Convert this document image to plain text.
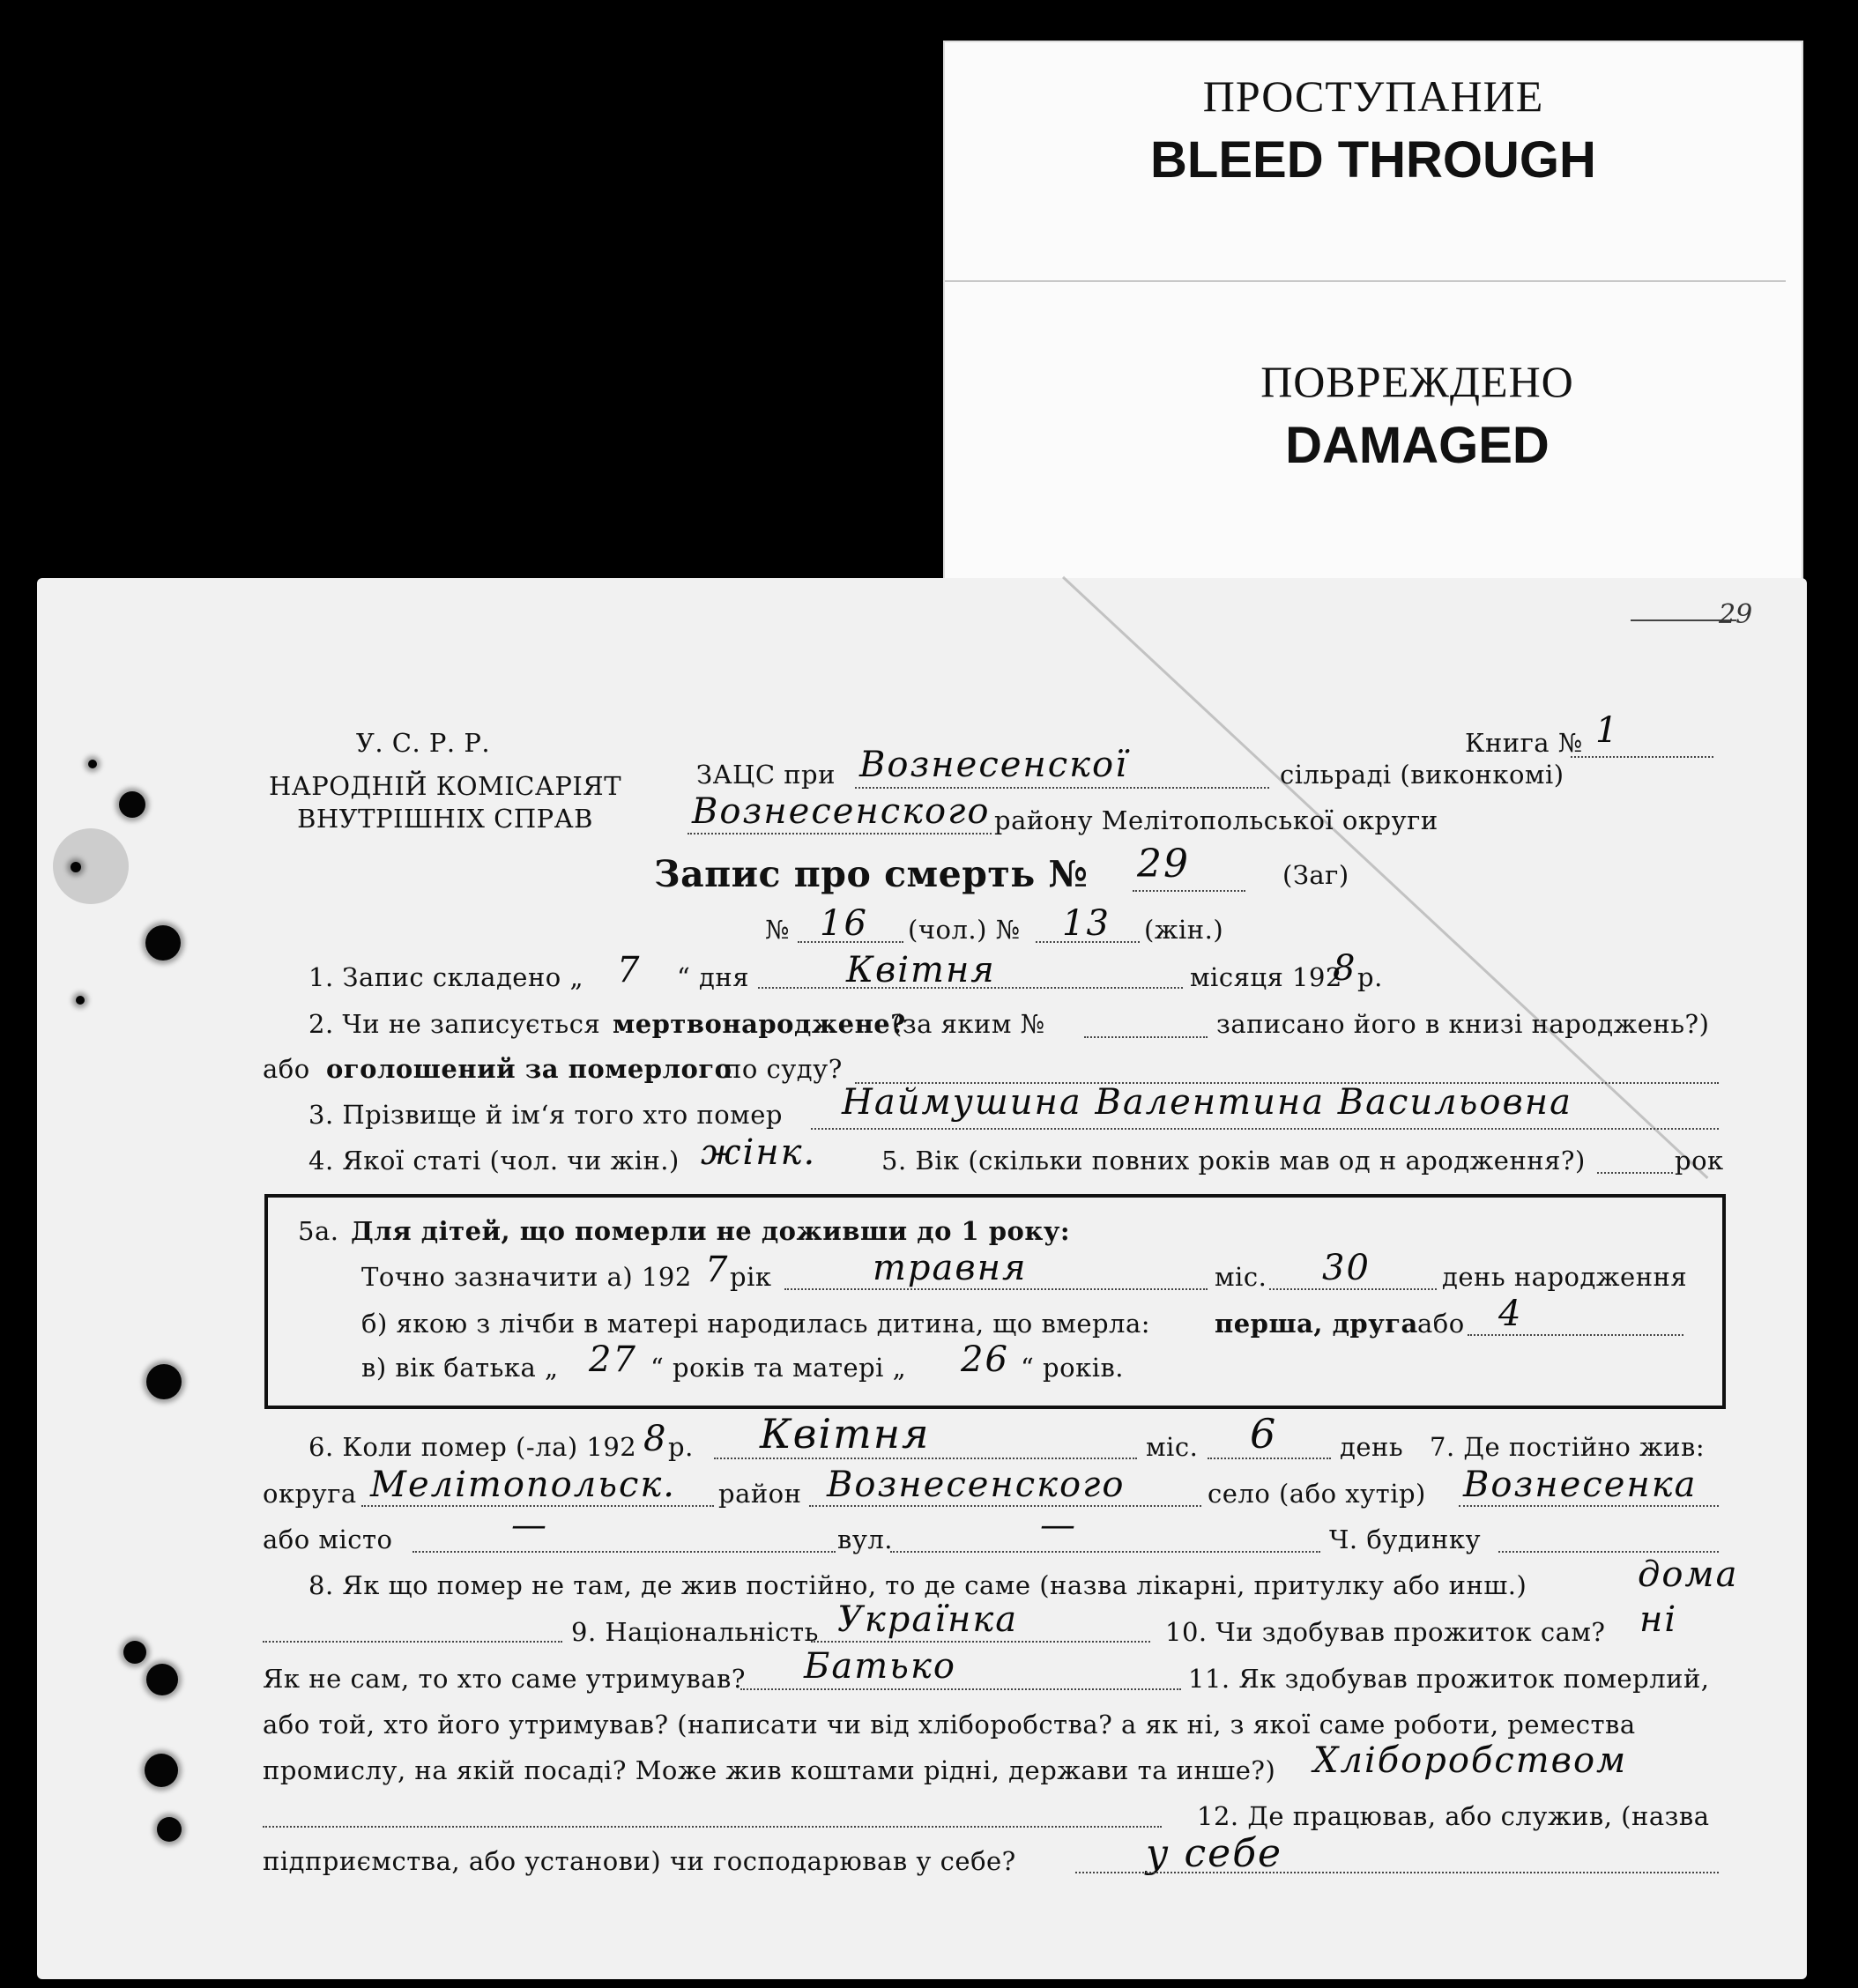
ПРОСТУПАНИЕ
BLEED THROUGH
ПОВРЕЖДЕНО
DAMAGED
29
У. С. Р. Р.
НАРОДНІЙ КОМІСАРІЯТ
ВНУТРІШНІХ СПРАВ
Книга № 1
ЗАЦС при Вознесенскої	сільраді (виконкомі)
Вознесенского району Мелітопольської округи
Запис про смерть № 29	(Заг)
№ 16 (чол.) № 13 (жін.)
1. Запис складено „ 7 “ дня	Квітня	місяця 192
8 р.
2. Чи не записується мертвонароджене?
(за яким №	записано його в книзі народжень?)
або оголошений за померлого
по суду?
3. Прізвище й ім‘я того хто помер Наймушина Валентина Васильовна
4. Якої статі (чол. чи жін.) жінк.	5. Вік (скільки повних років мав од н ародження?)	рок
5а. Для дітей, що померли не доживши до 1 року:
Точно зазначити а) 192 7 рік	травня	міс. 30	день народження
б) якою з лічби в матері народилась дитина, що вмерла:	перша, друга або 4
в) вік батька „ 27 “ років та матері „ 26 “ років.
6. Коли помер (-ла) 192 8 р. Квітня	міс. 6 день 7. Де постійно жив:
округа Мелітопольск. район Вознесенского	село (або хутір) Вознесенка
або місто	—	вул.	—	Ч. будинку
8. Як що помер не там, де жив постійно, то де саме (назва лікарні, притулку або инш.)	дома
9. Національність Українка	10. Чи здобував прожиток сам? ні
Як не сам, то хто саме утримував? Батько	11. Як здобував прожиток померлий,
або той, хто його утримував? (написати чи від хліборобства? а як ні, з якої саме роботи, ремества
промислу, на якій посаді? Може жив коштами рідні, держави та инше?) Хліборобством
12. Де працював, або служив, (назва
підприємства, або установи) чи господарював у себе?	у себе
